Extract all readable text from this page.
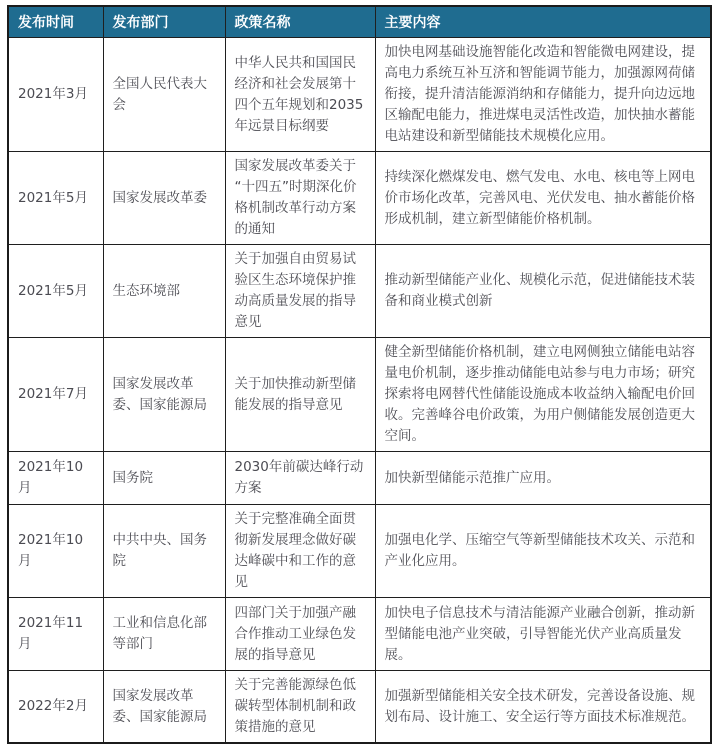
发布时间	发布部门	政策名称	主要内容
2021年3月	全国人民代表大会	中华人民共和国国民经济和社会发展第十四个五年规划和2035年远景目标纲要	加快电网基础设施智能化改造和智能微电网建设，提高电力系统互补互济和智能调节能力，加强源网荷储衔接，提升清洁能源消纳和存储能力，提升向边远地区输配电能力，推进煤电灵活性改造，加快抽水蓄能电站建设和新型储能技术规模化应用。
2021年5月	国家发展改革委	国家发展改革委关于“十四五”时期深化价格机制改革行动方案的通知	持续深化燃煤发电、燃气发电、水电、核电等上网电价市场化改革，完善风电、光伏发电、抽水蓄能价格形成机制，建立新型储能价格机制。
2021年5月	生态环境部	关于加强自由贸易试验区生态环境保护推动高质量发展的指导意见	推动新型储能产业化、规模化示范，促进储能技术装备和商业模式创新
2021年7月	国家发展改革委、国家能源局	关于加快推动新型储能发展的指导意见	健全新型储能价格机制，建立电网侧独立储能电站容量电价机制，逐步推动储能电站参与电力市场；研究探索将电网替代性储能设施成本收益纳入输配电价回收。完善峰谷电价政策，为用户侧储能发展创造更大空间。
2021年10月	国务院	2030年前碳达峰行动方案	加快新型储能示范推广应用。
2021年10月	中共中央、国务院	关于完整准确全面贯彻新发展理念做好碳达峰碳中和工作的意见	加强电化学、压缩空气等新型储能技术攻关、示范和产业化应用。
2021年11月	工业和信息化部等部门	四部门关于加强产融合作推动工业绿色发展的指导意见	加快电子信息技术与清洁能源产业融合创新，推动新型储能电池产业突破，引导智能光伏产业高质量发展。
2022年2月	国家发展改革委、国家能源局	关于完善能源绿色低碳转型体制机制和政策措施的意见	加强新型储能相关安全技术研发，完善设备设施、规划布局、设计施工、安全运行等方面技术标准规范。
